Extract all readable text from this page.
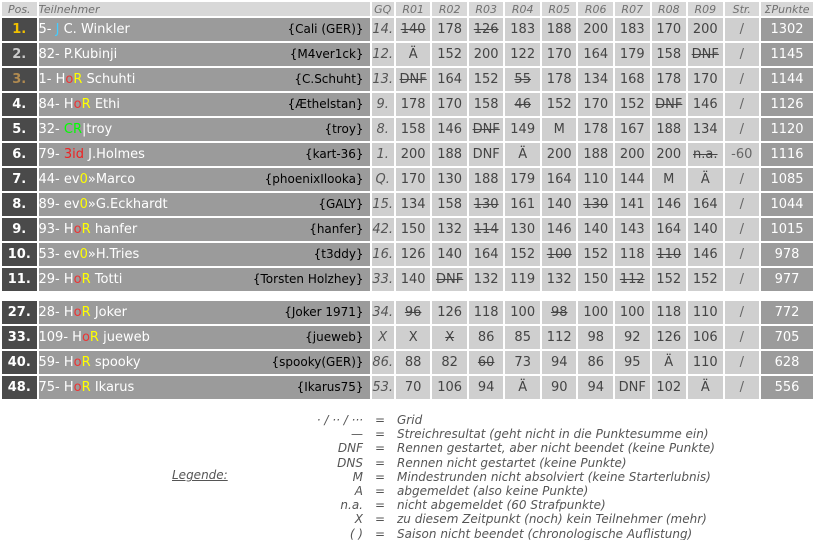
Pos.	Teilnehmer	GQ	R01	R02	R03	R04	R05	R06	R07	R08	R09	Str.	ΣPunkte
1.	5- J C. Winkler {Cali (GER)}	14.	140	178	126	183	188	200	183	170	200	/	1302
2.	82- P.Kubinji {M4ver1ck}	12.	Ä	152	200	122	170	164	179	158	DNF	/	1145
3.	1- HoR Schuhti {C.Schuht}	13.	DNF	164	152	55	178	134	168	178	170	/	1144
4.	84- HoR Ethi {Æthelstan}	9.	178	170	158	46	152	170	152	DNF	146	/	1126
5.	32- CR|troy {troy}	8.	158	146	DNF	149	M	178	167	188	134	/	1120
6.	79- 3id J.Holmes {kart-36}	1.	200	188	DNF	Ä	200	188	200	200	n.a.	-60	1116
7.	44- ev0»Marco {phoenixIlooka}	Q.	170	130	188	179	164	110	144	M	Ä	/	1085
8.	89- ev0»G.Eckhardt {GALY}	15.	134	158	130	161	140	130	141	146	164	/	1044
9.	93- HoR hanfer {hanfer}	42.	150	132	114	130	146	140	143	164	140	/	1015
10.	53- ev0»H.Tries {t3ddy}	16.	126	140	164	152	100	152	118	110	146	/	978
11.	29- HoR Totti {Torsten Holzhey}	33.	140	DNF	132	119	132	150	112	152	152	/	977

27.	28- HoR Joker {Joker 1971}	34.	96	126	118	100	98	100	100	118	110	/	772
33.	109- HoR jueweb {jueweb}	X	X	X	86	85	112	98	92	126	106	/	705
40.	59- HoR spooky {spooky(GER)}	86.	88	82	60	73	94	86	95	Ä	110	/	628
48.	75- HoR Ikarus {Ikarus75}	53.	70	106	94	Ä	90	94	DNF	102	Ä	/	556
Legende:
· / ·· / ··· = Grid
— = Streichresultat (geht nicht in die Punktesumme ein)
DNF = Rennen gestartet, aber nicht beendet (keine Punkte)
DNS = Rennen nicht gestartet (keine Punkte)
M = Mindestrunden nicht absolviert (keine Starterlubnis)
A = abgemeldet (also keine Punkte)
n.a. = nicht abgemeldet (60 Strafpunkte)
X = zu diesem Zeitpunkt (noch) kein Teilnehmer (mehr)
( ) = Saison nicht beendet (chronologische Auflistung)
